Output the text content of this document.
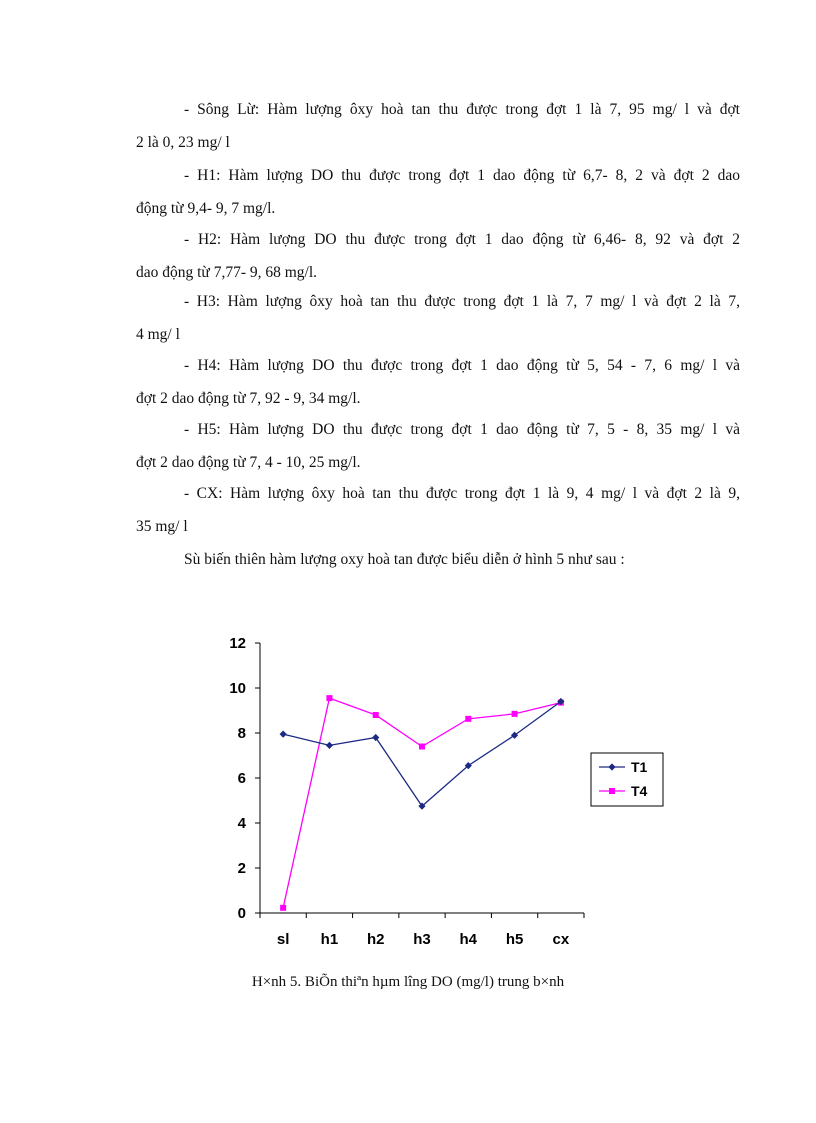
- Sông Lừ: Hàm lượng ôxy hoà tan thu được trong đợt 1 là 7, 95 mg/ l và đợt
2 là 0, 23 mg/ l

- H1: Hàm lượng DO thu được trong đợt 1 dao động từ 6,7- 8, 2 và đợt 2 dao
động từ 9,4- 9, 7 mg/l.

- H2: Hàm lượng DO thu được trong đợt 1 dao động từ 6,46- 8, 92 và đợt 2
dao động từ 7,77- 9, 68 mg/l.

- H3: Hàm lượng ôxy hoà tan thu được trong đợt 1 là 7, 7 mg/ l và đợt 2 là 7,
4 mg/ l

- H4: Hàm lượng DO thu được trong đợt 1 dao động từ 5, 54 - 7, 6 mg/ l và
đợt 2 dao động từ 7, 92 - 9, 34 mg/l.

- H5: Hàm lượng DO thu được trong đợt 1 dao động từ 7, 5 - 8, 35 mg/ l và
đợt 2 dao động từ 7, 4 - 10, 25 mg/l.

- CX: Hàm lượng ôxy hoà tan thu được trong đợt 1 là 9, 4 mg/ l và đợt 2 là 9,
35 mg/ l

Sù biến thiên hàm lượng oxy hoà tan được biểu diễn ở hình 5 như sau :

0
2
4
6
8
10
12
sl h1 h2 h3 h4 h5 cx
T1
T4

H×nh 5. BiÕn thiªn hµm lîng DO (mg/l) trung b×nh
